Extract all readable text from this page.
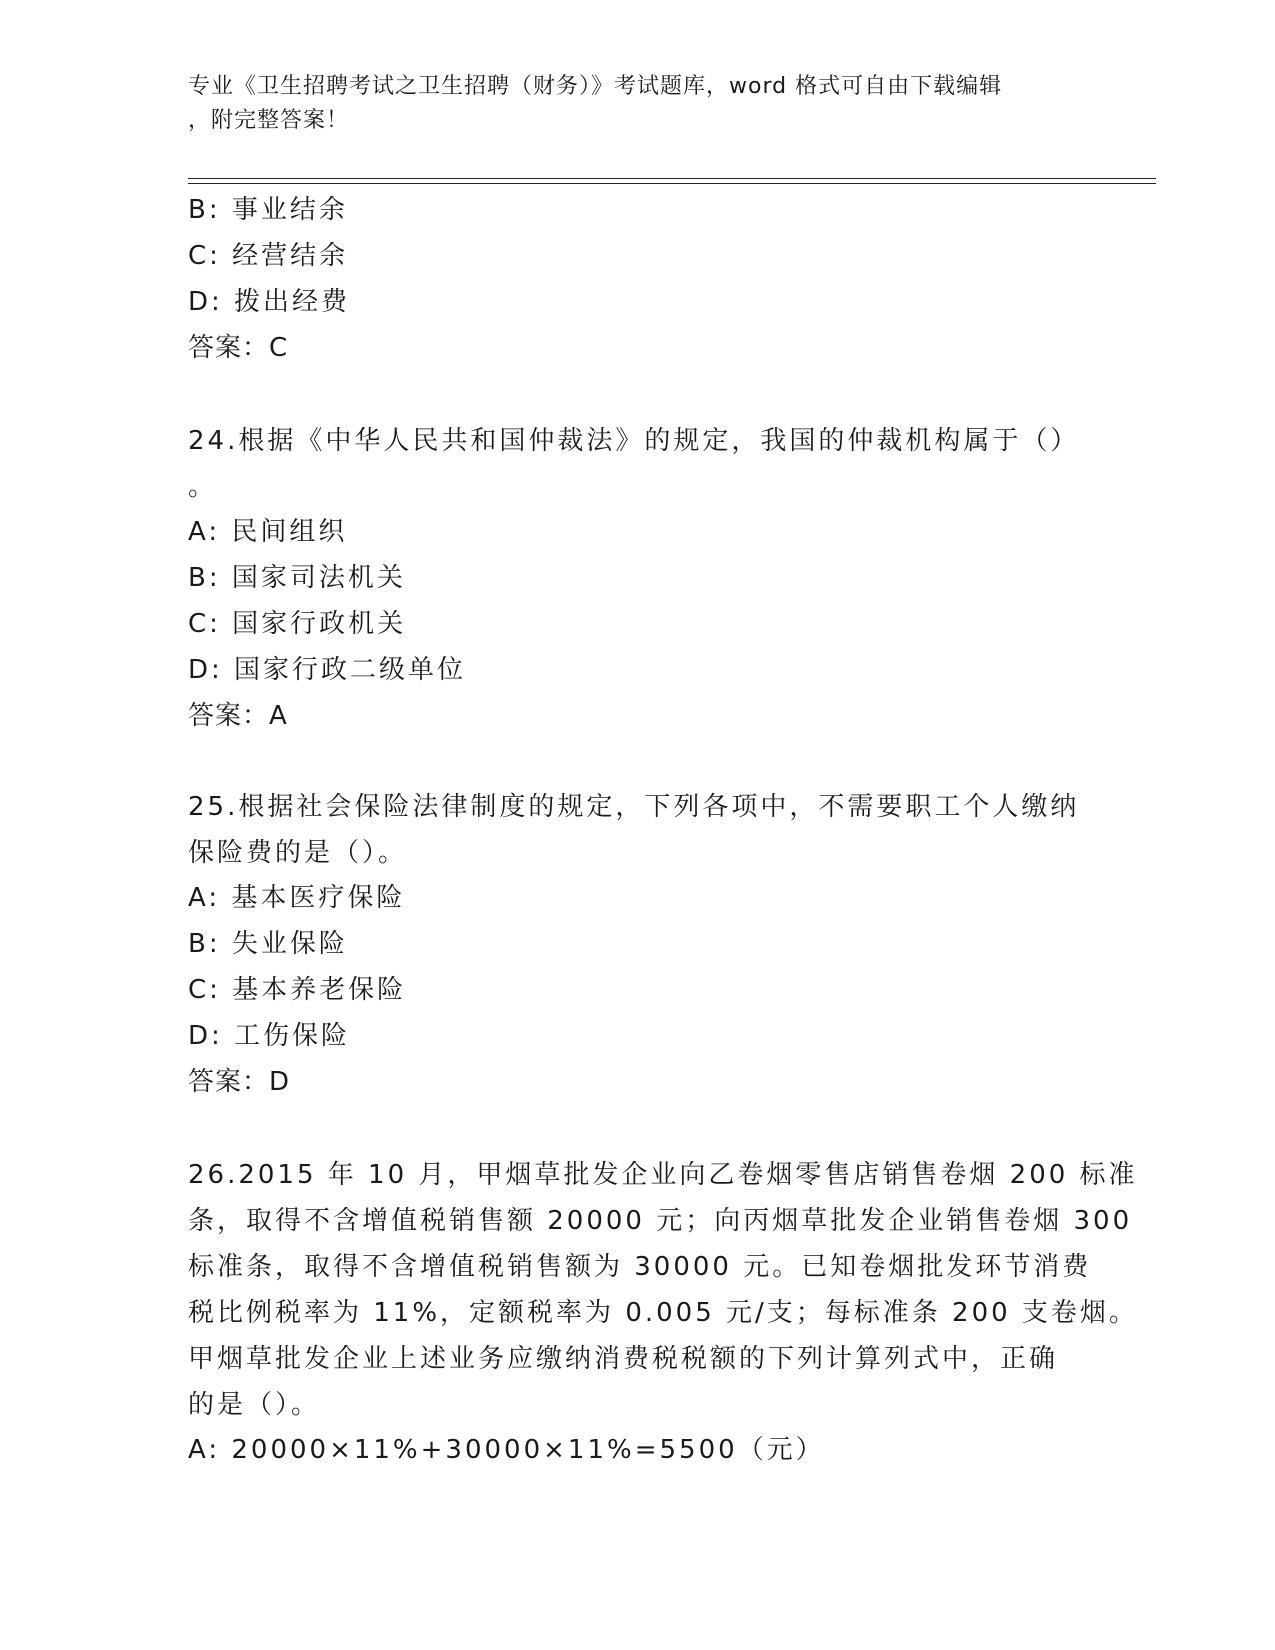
专业《卫生招聘考试之卫生招聘（财务）》考试题库，word 格式可自由下载编辑
，附完整答案！
B: 事业结余
C: 经营结余
D: 拨出经费
答案：C
24.根据《中华人民共和国仲裁法》的规定，我国的仲裁机构属于（）
。
A: 民间组织
B: 国家司法机关
C: 国家行政机关
D: 国家行政二级单位
答案：A
25.根据社会保险法律制度的规定，下列各项中，不需要职工个人缴纳
保险费的是（）。
A: 基本医疗保险
B: 失业保险
C: 基本养老保险
D: 工伤保险
答案：D
26.2015 年 10 月，甲烟草批发企业向乙卷烟零售店销售卷烟 200 标准
条，取得不含增值税销售额 20000 元；向丙烟草批发企业销售卷烟 300
标准条，取得不含增值税销售额为 30000 元。已知卷烟批发环节消费
税比例税率为 11%，定额税率为 0.005 元/支；每标准条 200 支卷烟。
甲烟草批发企业上述业务应缴纳消费税税额的下列计算列式中，正确
的是（）。
A: 20000×11%+30000×11%=5500（元）
